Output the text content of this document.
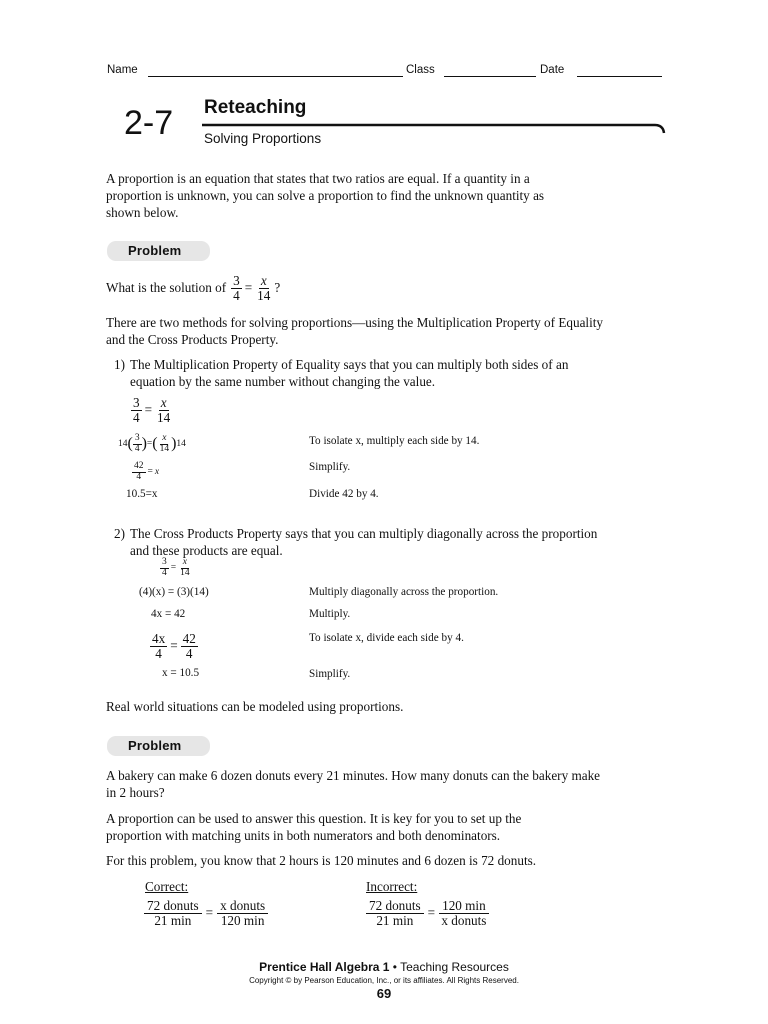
Name	Class	Date
2-7 Reteaching
Solving Proportions
A proportion is an equation that states that two ratios are equal. If a quantity in a proportion is unknown, you can solve a proportion to find the unknown quantity as shown below.
Problem
What is the solution of $\frac{3}{4} = \frac{x}{14}$ ?
There are two methods for solving proportions—using the Multiplication Property of Equality and the Cross Products Property.
1) The Multiplication Property of Equality says that you can multiply both sides of an equation by the same number without changing the value.
$\frac{3}{4} = \frac{x}{14}$
14 ( $\frac{3}{4}$ ) = ( $\frac{x}{14}$ ) 14	To isolate x, multiply each side by 14.
$\frac{42}{4} = x$	Simplify.
10.5=x	Divide 42 by 4.
2) The Cross Products Property says that you can multiply diagonally across the proportion and these products are equal.
$\frac{3}{4} = \frac{x}{14}$
(4)(x) = (3)(14)	Multiply diagonally across the proportion.
4x = 42	Multiply.
$\frac{4x}{4} = \frac{42}{4}$	To isolate x, divide each side by 4.
x = 10.5	Simplify.
Real world situations can be modeled using proportions.
Problem
A bakery can make 6 dozen donuts every 21 minutes. How many donuts can the bakery make in 2 hours?
A proportion can be used to answer this question. It is key for you to set up the proportion with matching units in both numerators and both denominators.
For this problem, you know that 2 hours is 120 minutes and 6 dozen is 72 donuts.
Correct:
$\frac{\text{72 donuts}}{21 \min} = \frac{\text{x donuts}}{120 \min}$
Incorrect:
$\frac{\text{72 donuts}}{21 \min} = \frac{120 \min}{\text{x donuts}}$
Prentice Hall Algebra 1 • Teaching Resources
Copyright © by Pearson Education, Inc., or its affiliates. All Rights Reserved.
69
